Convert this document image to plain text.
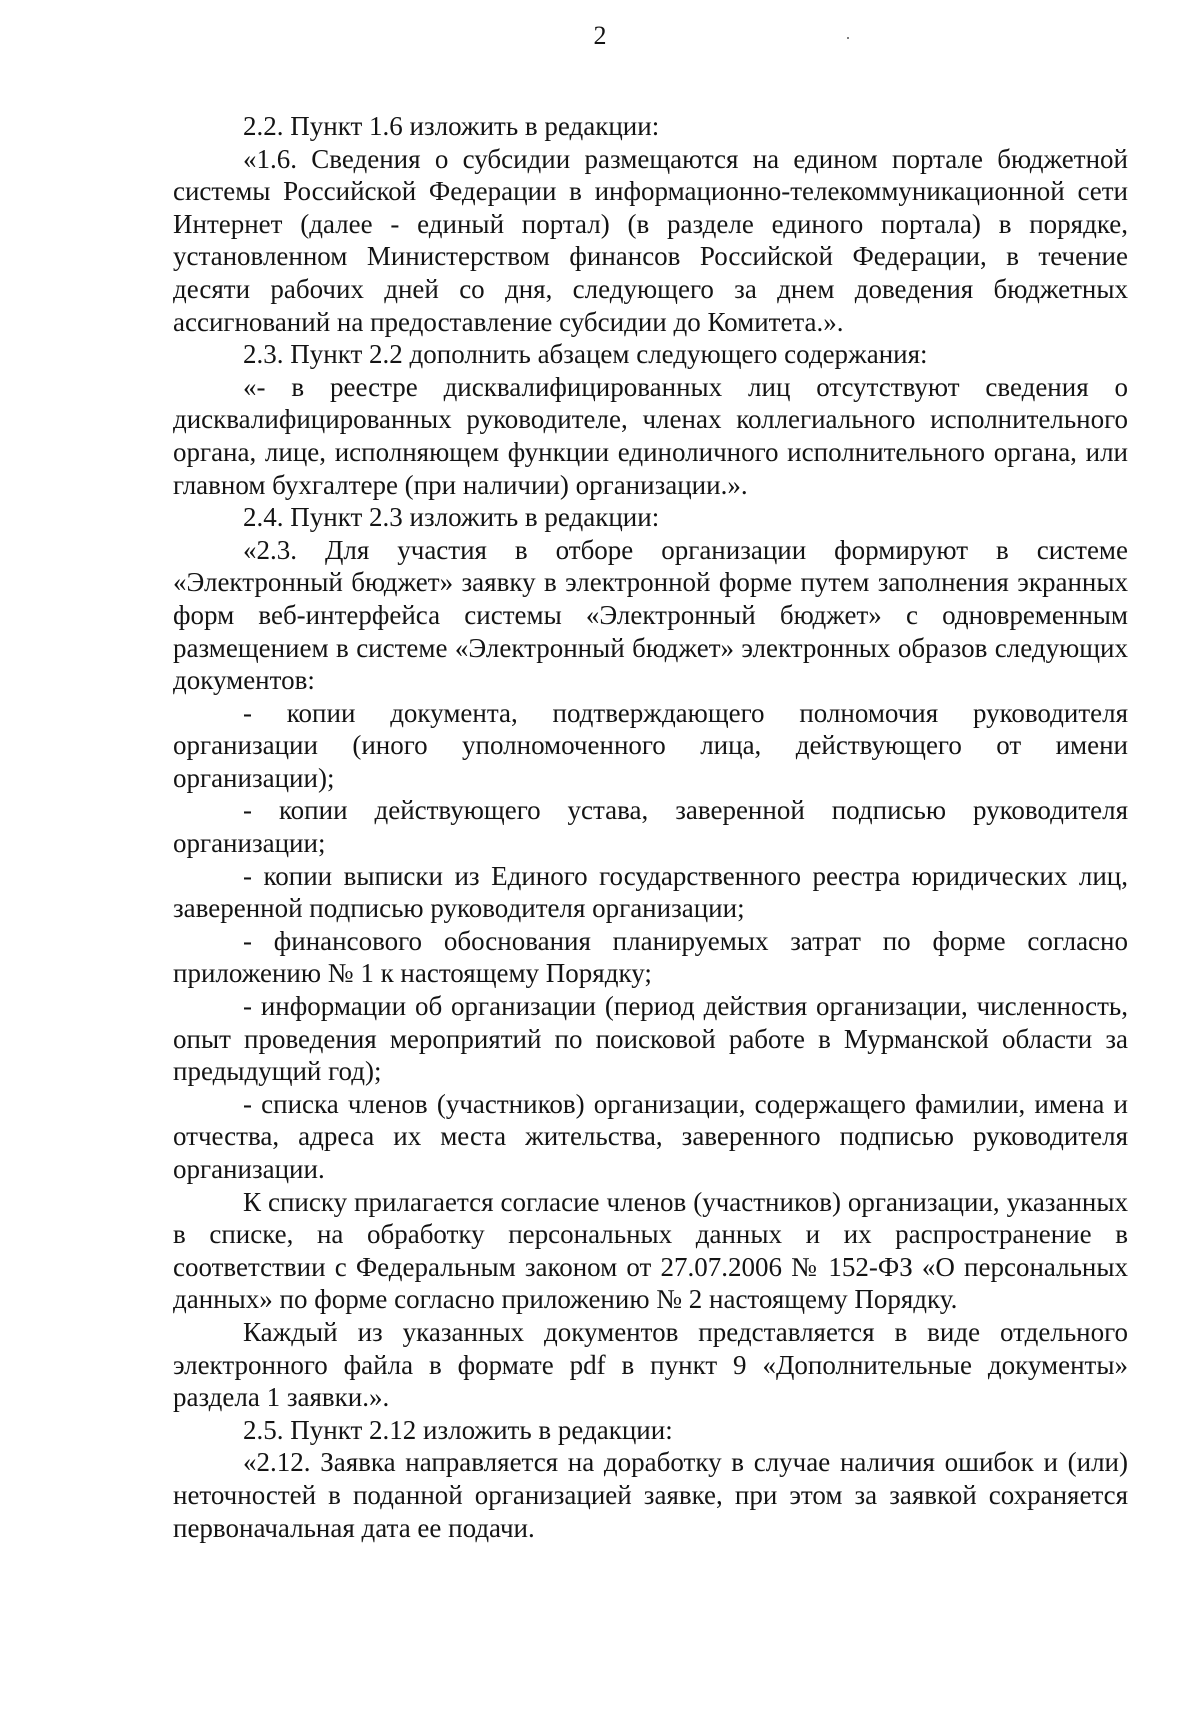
2

2.2. Пункт 1.6 изложить в редакции:

«1.6. Сведения о субсидии размещаются на едином портале бюджетной системы Российской Федерации в информационно-телекоммуникационной сети Интернет (далее - единый портал) (в разделе единого портала) в порядке, установленном Министерством финансов Российской Федерации, в течение десяти рабочих дней со дня, следующего за днем доведения бюджетных ассигнований на предоставление субсидии до Комитета.».

2.3. Пункт 2.2 дополнить абзацем следующего содержания:

«- в реестре дисквалифицированных лиц отсутствуют сведения о дисквалифицированных руководителе, членах коллегиального исполнительного органа, лице, исполняющем функции единоличного исполнительного органа, или главном бухгалтере (при наличии) организации.».

2.4. Пункт 2.3 изложить в редакции:

«2.3. Для участия в отборе организации формируют в системе «Электронный бюджет» заявку в электронной форме путем заполнения экранных форм веб-интерфейса системы «Электронный бюджет» с одновременным размещением в системе «Электронный бюджет» электронных образов следующих документов:

- копии документа, подтверждающего полномочия руководителя организации (иного уполномоченного лица, действующего от имени организации);

- копии действующего устава, заверенной подписью руководителя организации;

- копии выписки из Единого государственного реестра юридических лиц, заверенной подписью руководителя организации;

- финансового обоснования планируемых затрат по форме согласно приложению № 1 к настоящему Порядку;

- информации об организации (период действия организации, численность, опыт проведения мероприятий по поисковой работе в Мурманской области за предыдущий год);

- списка членов (участников) организации, содержащего фамилии, имена и отчества, адреса их места жительства, заверенного подписью руководителя организации.

К списку прилагается согласие членов (участников) организации, указанных в списке, на обработку персональных данных и их распространение в соответствии с Федеральным законом от 27.07.2006 № 152-ФЗ «О персональных данных» по форме согласно приложению № 2 настоящему Порядку.

Каждый из указанных документов представляется в виде отдельного электронного файла в формате pdf в пункт 9 «Дополнительные документы» раздела 1 заявки.».

2.5. Пункт 2.12 изложить в редакции:

«2.12. Заявка направляется на доработку в случае наличия ошибок и (или) неточностей в поданной организацией заявке, при этом за заявкой сохраняется первоначальная дата ее подачи.
